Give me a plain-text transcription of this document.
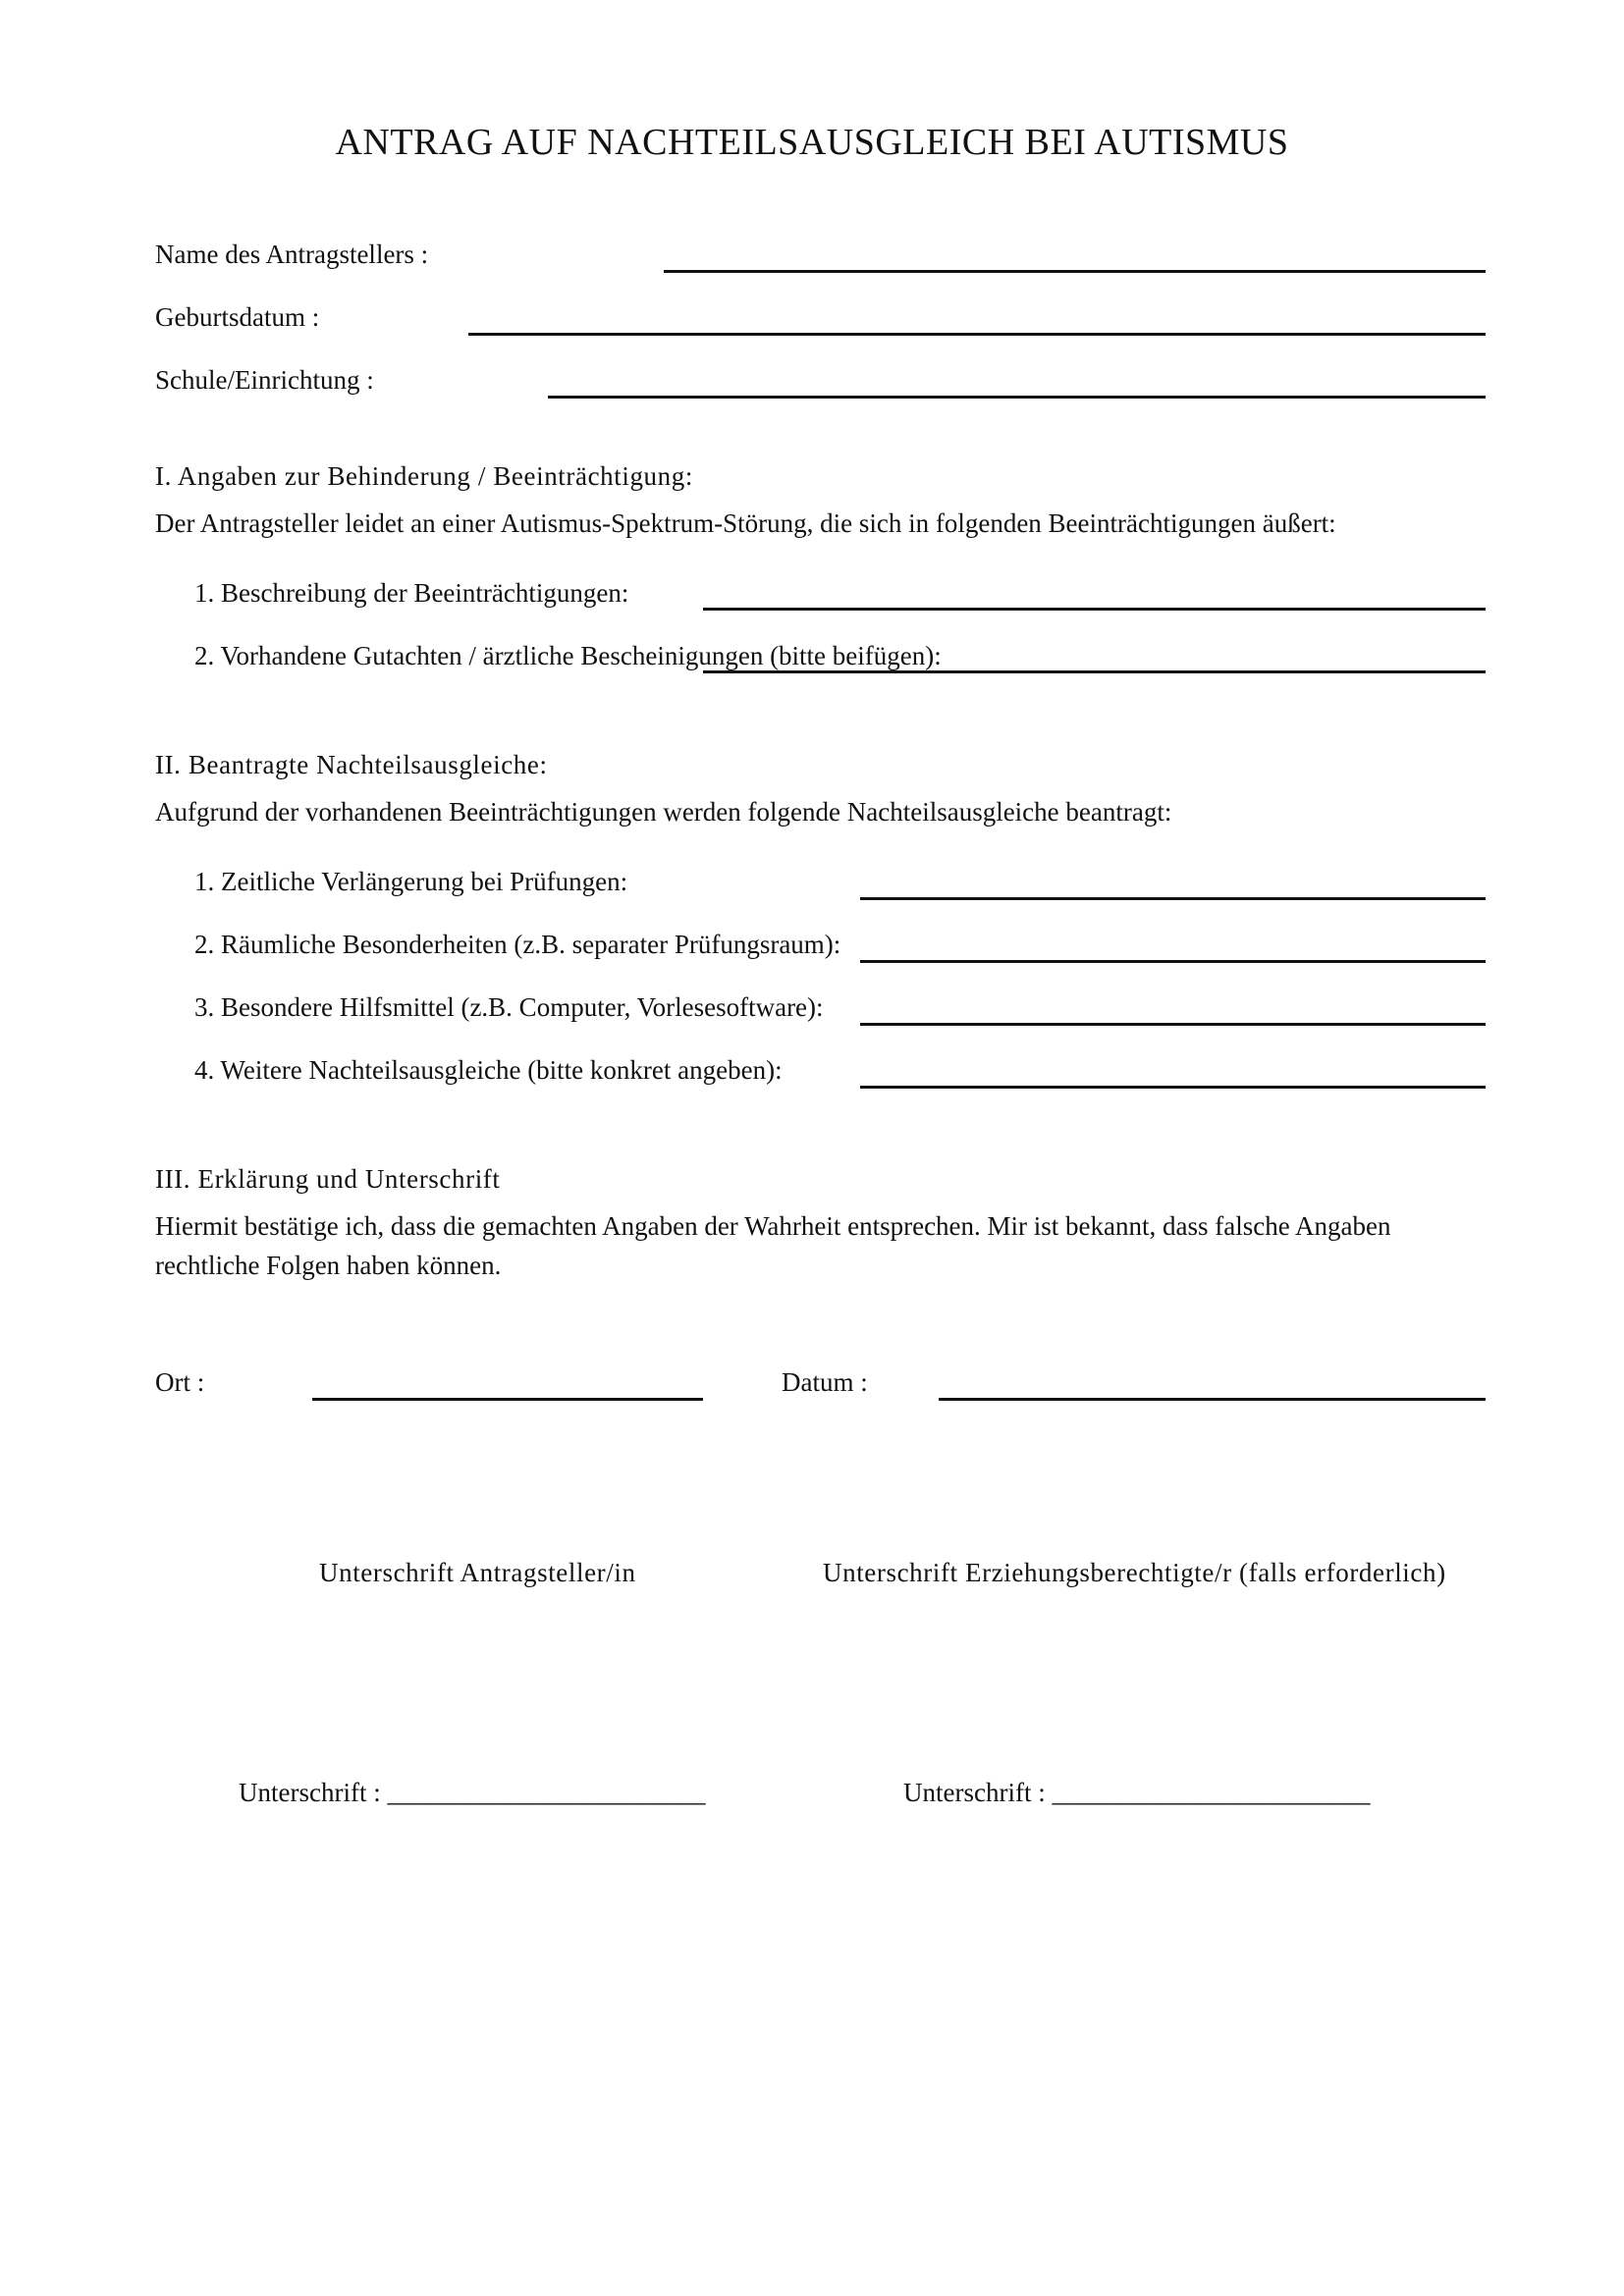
ANTRAG AUF NACHTEILSAUSGLEICH BEI AUTISMUS
Name des Antragstellers :
Geburtsdatum :
Schule/Einrichtung :
I. Angaben zur Behinderung / Beeinträchtigung:
Der Antragsteller leidet an einer Autismus-Spektrum-Störung, die sich in folgenden Beeinträchtigungen äußert:
1. Beschreibung der Beeinträchtigungen:
2. Vorhandene Gutachten / ärztliche Bescheinigungen (bitte beifügen):
II. Beantragte Nachteilsausgleiche:
Aufgrund der vorhandenen Beeinträchtigungen werden folgende Nachteilsausgleiche beantragt:
1. Zeitliche Verlängerung bei Prüfungen:
2. Räumliche Besonderheiten (z.B. separater Prüfungsraum):
3. Besondere Hilfsmittel (z.B. Computer, Vorlesesoftware):
4. Weitere Nachteilsausgleiche (bitte konkret angeben):
III. Erklärung und Unterschrift
Hiermit bestätige ich, dass die gemachten Angaben der Wahrheit entsprechen. Mir ist bekannt, dass falsche Angaben
rechtliche Folgen haben können.
Ort :	Datum :
Unterschrift Antragsteller/in	Unterschrift Erziehungsberechtigte/r (falls erforderlich)
Unterschrift : ________________________	Unterschrift : ________________________
